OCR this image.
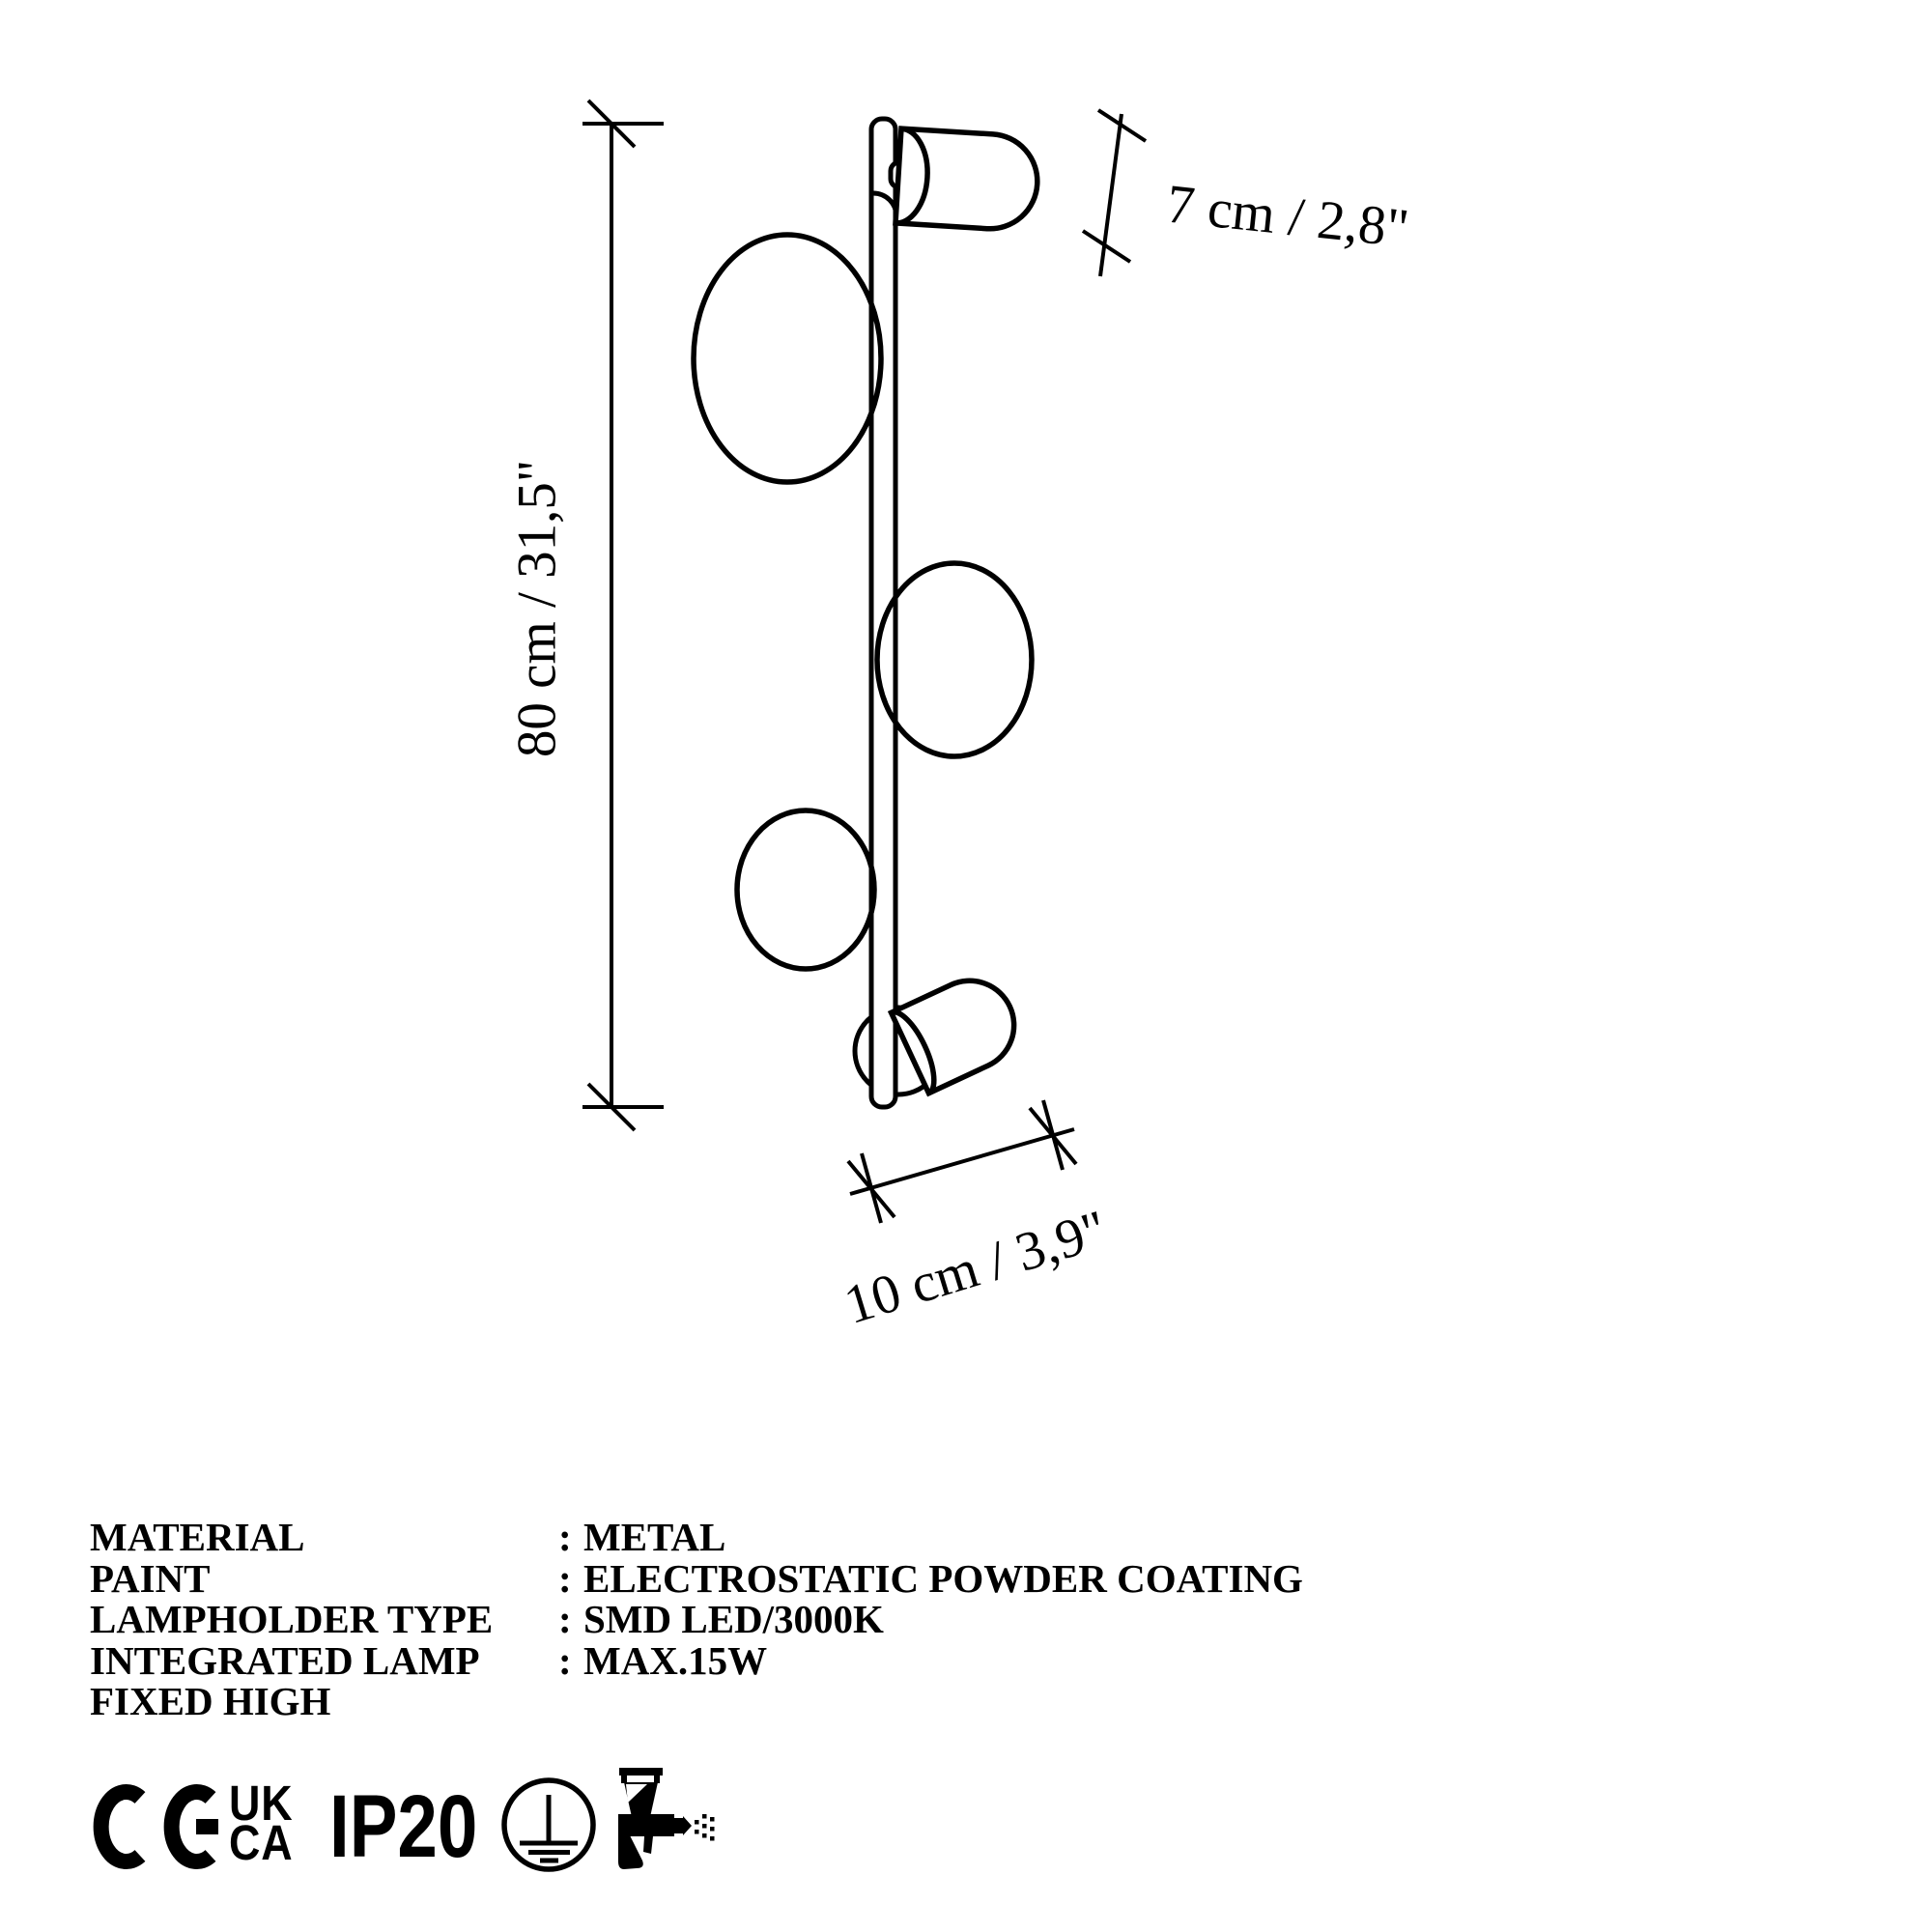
80 cm / 31,5"
7 cm / 2,8"
10 cm / 3,9"
MATERIAL	: METAL
PAINT	: ELECTROSTATIC POWDER COATING
LAMPHOLDER TYPE	: SMD LED/3000K
INTEGRATED LAMP	: MAX.15W
FIXED HIGH
UK
CA IP20
